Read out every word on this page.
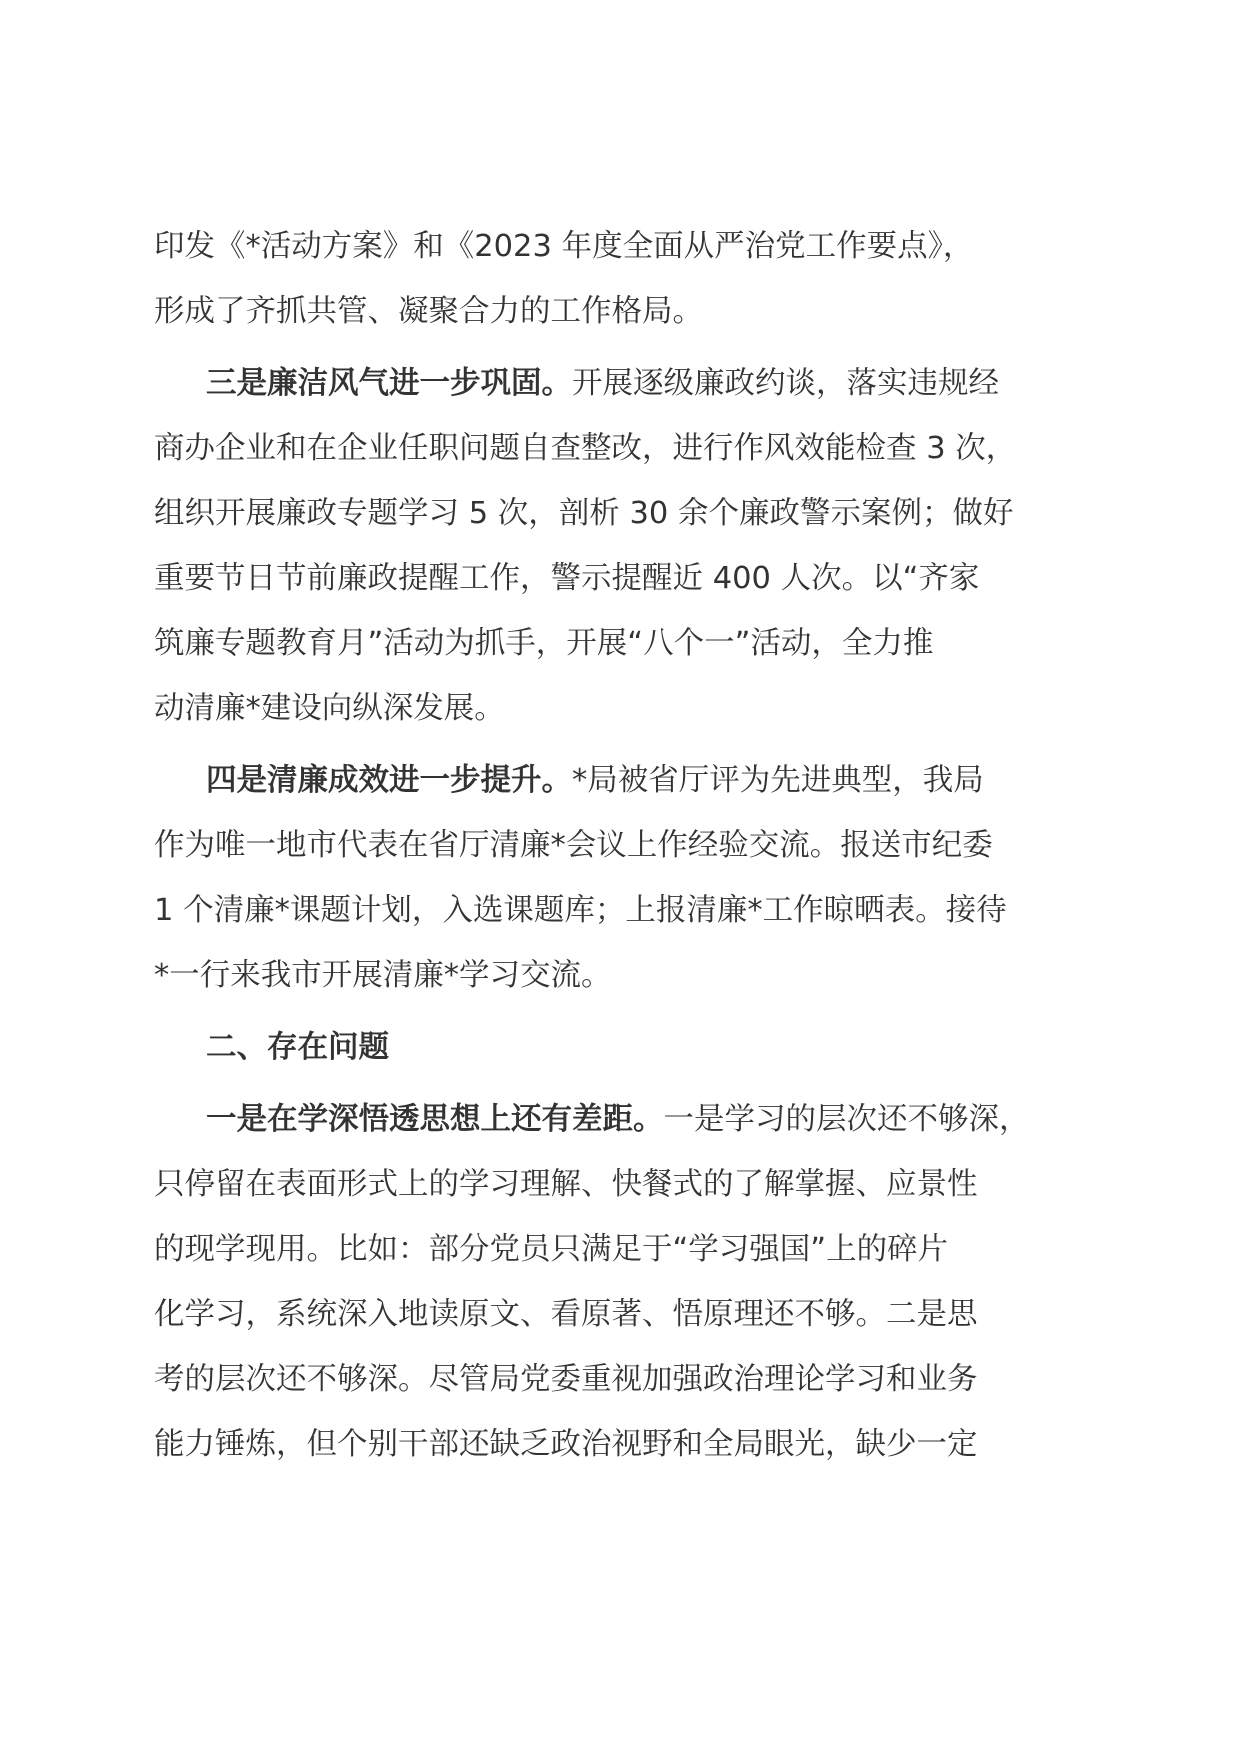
印发《*活动方案》和《2023 年度全面从严治党工作要点》，
形成了齐抓共管、凝聚合力的工作格局。
三是廉洁风气进一步巩固。开展逐级廉政约谈，落实违规经
商办企业和在企业任职问题自查整改，进行作风效能检查 3 次，
组织开展廉政专题学习 5 次，剖析 30 余个廉政警示案例；做好
重要节日节前廉政提醒工作，警示提醒近 400 人次。以“齐家
筑廉专题教育月”活动为抓手，开展“八个一”活动，全力推
动清廉*建设向纵深发展。
四是清廉成效进一步提升。*局被省厅评为先进典型，我局
作为唯一地市代表在省厅清廉*会议上作经验交流。报送市纪委
1 个清廉*课题计划，入选课题库；上报清廉*工作晾晒表。接待
*一行来我市开展清廉*学习交流。
二、存在问题
一是在学深悟透思想上还有差距。一是学习的层次还不够深，
只停留在表面形式上的学习理解、快餐式的了解掌握、应景性
的现学现用。比如：部分党员只满足于“学习强国”上的碎片
化学习，系统深入地读原文、看原著、悟原理还不够。二是思
考的层次还不够深。尽管局党委重视加强政治理论学习和业务
能力锤炼，但个别干部还缺乏政治视野和全局眼光，缺少一定
